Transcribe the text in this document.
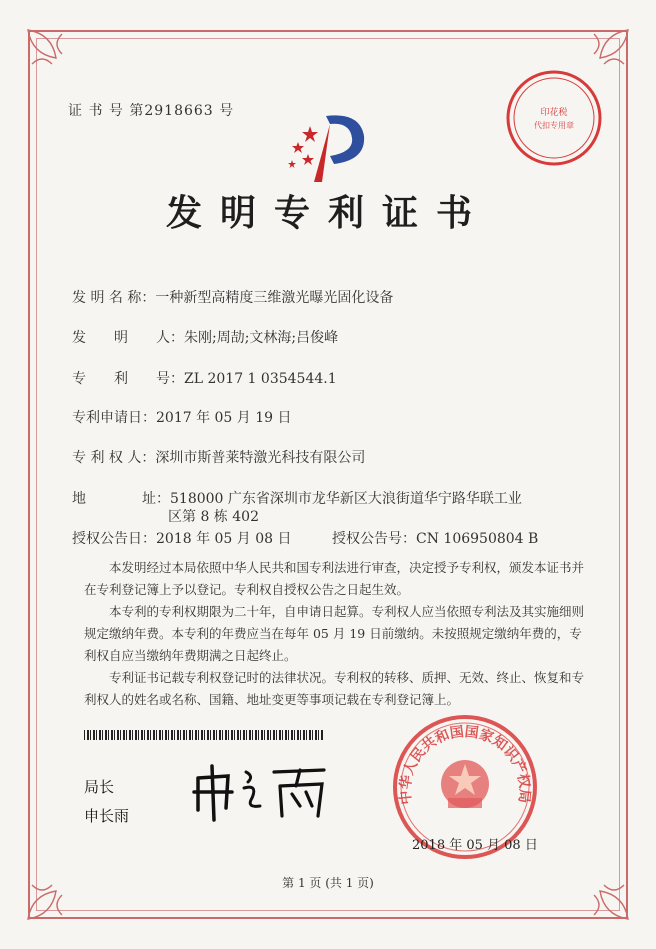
证 书 号 第2918663 号	印花税
代扣专用章
发明专利证书
发 明 名 称：一种新型高精度三维激光曝光固化设备
发　　明　　人：朱刚;周劼;文林海;吕俊峰
专　　利　　号：ZL 2017 1 0354544.1
专利申请日：2017 年 05 月 19 日
专 利 权 人：深圳市斯普莱特激光科技有限公司
地　　　　址：518000 广东省深圳市龙华新区大浪街道华宁路华联工业
区第 8 栋 402
授权公告日：2018 年 05 月 08 日	授权公告号：CN 106950804 B

本发明经过本局依照中华人民共和国专利法进行审查，决定授予专利权，颁发本证书并在专利登记簿上予以登记。专利权自授权公告之日起生效。

本专利的专利权期限为二十年，自申请日起算。专利权人应当依照专利法及其实施细则规定缴纳年费。本专利的年费应当在每年 05 月 19 日前缴纳。未按照规定缴纳年费的，专利权自应当缴纳年费期满之日起终止。

专利证书记载专利权登记时的法律状况。专利权的转移、质押、无效、终止、恢复和专利权人的姓名或名称、国籍、地址变更等事项记载在专利登记簿上。

局长
申长雨
中华人民共和国国家知识产权局
2018 年 05 月 08 日
第 1 页 (共 1 页)
